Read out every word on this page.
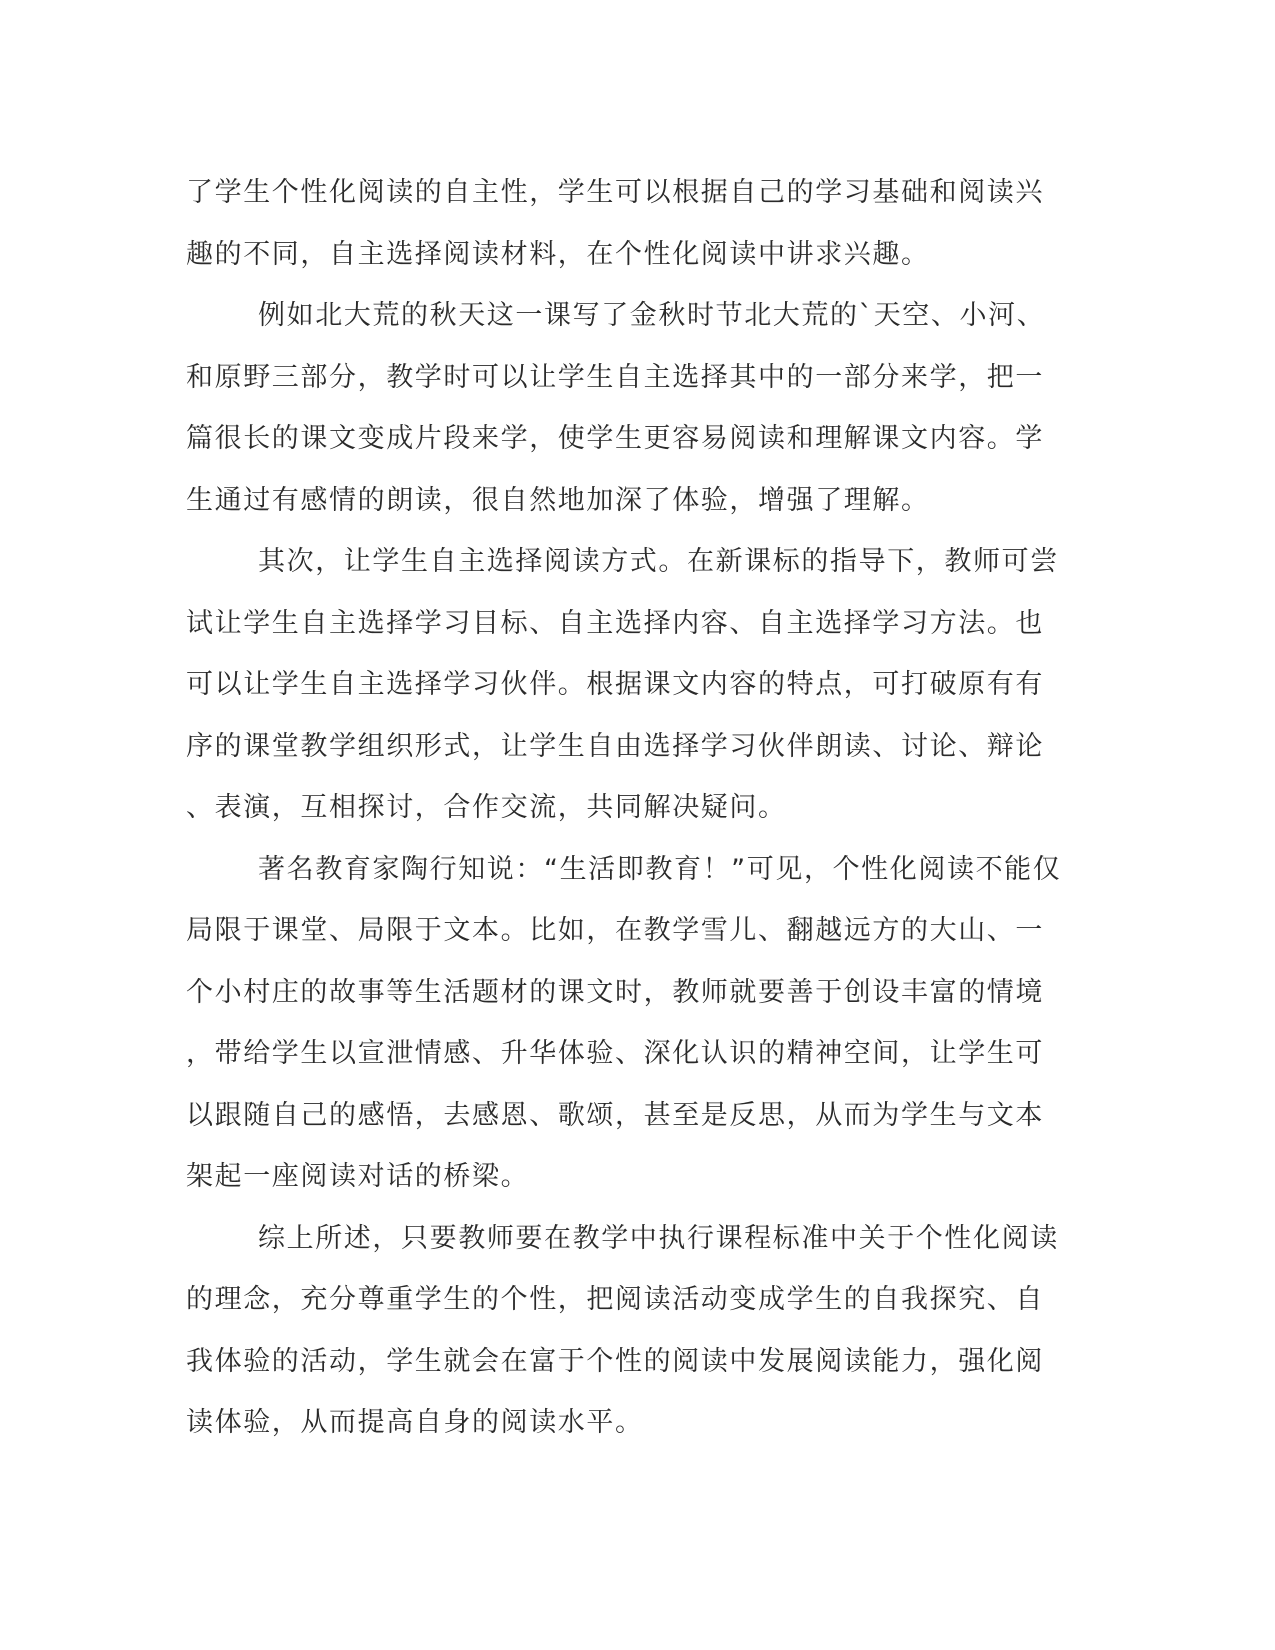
了学生个性化阅读的自主性，学生可以根据自己的学习基础和阅读兴
趣的不同，自主选择阅读材料，在个性化阅读中讲求兴趣。
例如北大荒的秋天这一课写了金秋时节北大荒的`天空、小河、
和原野三部分，教学时可以让学生自主选择其中的一部分来学，把一
篇很长的课文变成片段来学，使学生更容易阅读和理解课文内容。学
生通过有感情的朗读，很自然地加深了体验，增强了理解。
其次，让学生自主选择阅读方式。在新课标的指导下，教师可尝
试让学生自主选择学习目标、自主选择内容、自主选择学习方法。也
可以让学生自主选择学习伙伴。根据课文内容的特点，可打破原有有
序的课堂教学组织形式，让学生自由选择学习伙伴朗读、讨论、辩论
、表演，互相探讨，合作交流，共同解决疑问。
著名教育家陶行知说：“生活即教育！”可见，个性化阅读不能仅
局限于课堂、局限于文本。比如，在教学雪儿、翻越远方的大山、一
个小村庄的故事等生活题材的课文时，教师就要善于创设丰富的情境
，带给学生以宣泄情感、升华体验、深化认识的精神空间，让学生可
以跟随自己的感悟，去感恩、歌颂，甚至是反思，从而为学生与文本
架起一座阅读对话的桥梁。
综上所述，只要教师要在教学中执行课程标准中关于个性化阅读
的理念，充分尊重学生的个性，把阅读活动变成学生的自我探究、自
我体验的活动，学生就会在富于个性的阅读中发展阅读能力，强化阅
读体验，从而提高自身的阅读水平。
